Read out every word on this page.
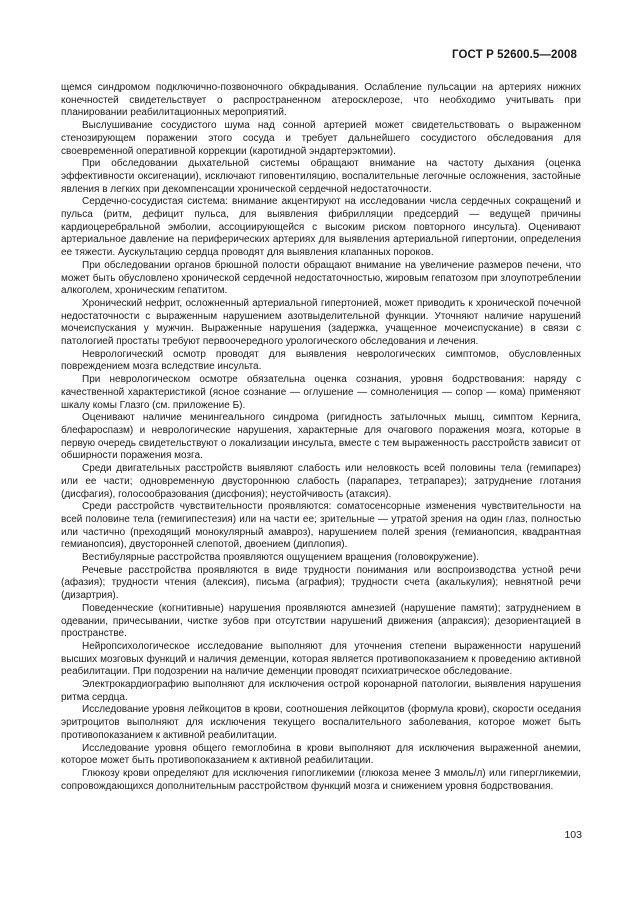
ГОСТ Р 52600.5—2008

щемся синдромом подключично-позвоночного обкрадывания. Ослабление пульсации на артериях нижних конечностей свидетельствует о распространенном атеросклерозе, что необходимо учитывать при планировании реабилитационных мероприятий.

Выслушивание сосудистого шума над сонной артерией может свидетельствовать о выраженном стенозирующем поражении этого сосуда и требует дальнейшего сосудистого обследования для своевременной оперативной коррекции (каротидной эндартерэктомии).

При обследовании дыхательной системы обращают внимание на частоту дыхания (оценка эффективности оксигенации), исключают гиповентиляцию, воспалительные легочные осложнения, застойные явления в легких при декомпенсации хронической сердечной недостаточности.

Сердечно-сосудистая система: внимание акцентируют на исследовании числа сердечных сокращений и пульса (ритм, дефицит пульса, для выявления фибрилляции предсердий — ведущей причины кардиоцеребральной эмболии, ассоциирующейся с высоким риском повторного инсульта). Оценивают артериальное давление на периферических артериях для выявления артериальной гипертонии, определения ее тяжести. Аускультацию сердца проводят для выявления клапанных пороков.

При обследовании органов брюшной полости обращают внимание на увеличение размеров печени, что может быть обусловлено хронической сердечной недостаточностью, жировым гепатозом при злоупотреблении алкоголем, хроническим гепатитом.

Хронический нефрит, осложненный артериальной гипертонией, может приводить к хронической почечной недостаточности с выраженным нарушением азотвыделительной функции. Уточняют наличие нарушений мочеиспускания у мужчин. Выраженные нарушения (задержка, учащенное мочеиспускание) в связи с патологией простаты требуют первоочередного урологического обследования и лечения.

Неврологический осмотр проводят для выявления неврологических симптомов, обусловленных повреждением мозга вследствие инсульта.

При неврологическом осмотре обязательна оценка сознания, уровня бодрствования: наряду с качественной характеристикой (ясное сознание — оглушение — сомнолениция — сопор — кома) применяют шкалу комы Глазго (см. приложение Б).

Оценивают наличие менингеального синдрома (ригидность затылочных мышц, симптом Кернига, блефароспазм) и неврологические нарушения, характерные для очагового поражения мозга, которые в первую очередь свидетельствуют о локализации инсульта, вместе с тем выраженность расстройств зависит от обширности поражения мозга.

Среди двигательных расстройств выявляют слабость или неловкость всей половины тела (гемипарез) или ее части; одновременную двустороннюю слабость (парапарез, тетрапарез); затруднение глотания (дисфагия), голосообразования (дисфония); неустойчивость (атаксия).

Среди расстройств чувствительности проявляются: соматосенсорные изменения чувствительности на всей половине тела (гемигипестезия) или на части ее; зрительные — утратой зрения на один глаз, полностью или частично (преходящий монокулярный амавроз), нарушением полей зрения (гемианопсия, квадрантная гемианопсия), двусторонней слепотой, двоением (диплопия).

Вестибулярные расстройства проявляются ощущением вращения (головокружение).

Речевые расстройства проявляются в виде трудности понимания или воспроизводства устной речи (афазия); трудности чтения (алексия), письма (аграфия); трудности счета (акалькулия); невнятной речи (дизартрия).

Поведенческие (когнитивные) нарушения проявляются амнезией (нарушение памяти); затруднением в одевании, причесывании, чистке зубов при отсутствии нарушений движения (апраксия); дезориентацией в пространстве.

Нейропсихологическое исследование выполняют для уточнения степени выраженности нарушений высших мозговых функций и наличия деменции, которая является противопоказанием к проведению активной реабилитации. При подозрении на наличие деменции проводят психиатрическое обследование.

Электрокардиографию выполняют для исключения острой коронарной патологии, выявления нарушения ритма сердца.

Исследование уровня лейкоцитов в крови, соотношения лейкоцитов (формула крови), скорости оседания эритроцитов выполняют для исключения текущего воспалительного заболевания, которое может быть противопоказанием к активной реабилитации.

Исследование уровня общего гемоглобина в крови выполняют для исключения выраженной анемии, которое может быть противопоказанием к активной реабилитации.

Глюкозу крови определяют для исключения гипогликемии (глюкоза менее 3 ммоль/л) или гипергликемии, сопровождающихся дополнительным расстройством функций мозга и снижением уровня бодрствования.

103
